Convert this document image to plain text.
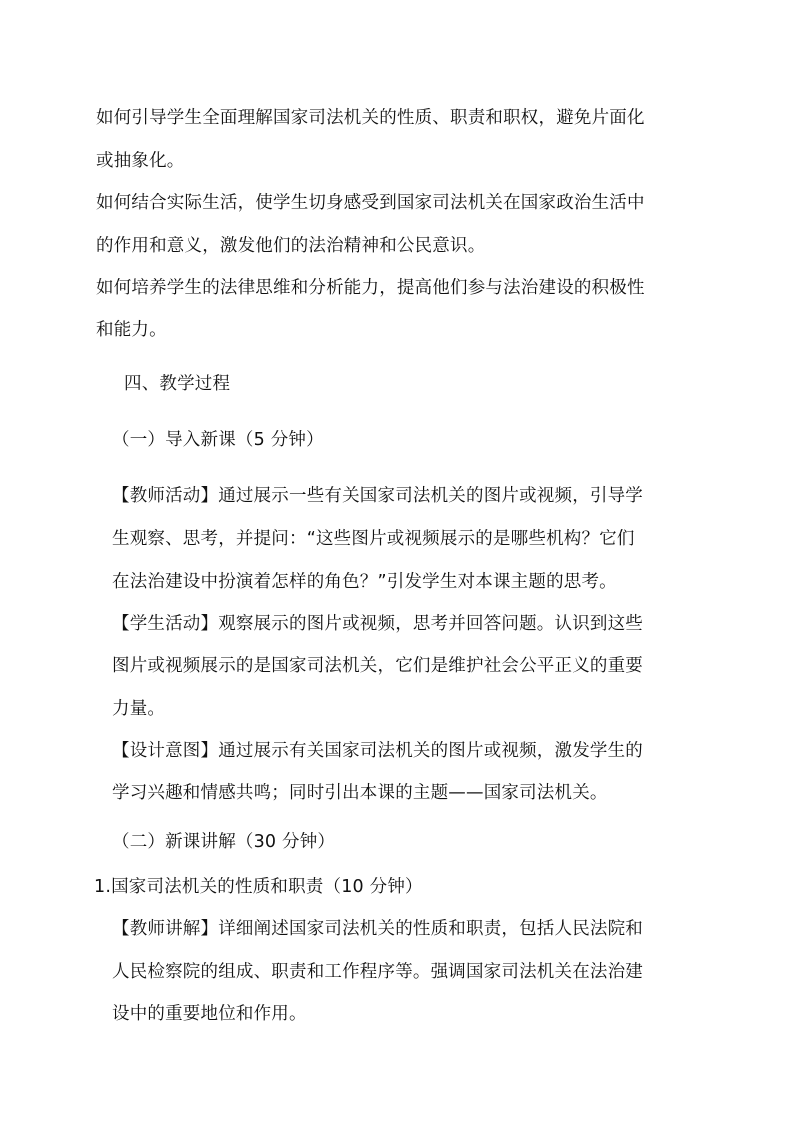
如何引导学生全面理解国家司法机关的性质、职责和职权，避免片面化
或抽象化。
如何结合实际生活，使学生切身感受到国家司法机关在国家政治生活中
的作用和意义，激发他们的法治精神和公民意识。
如何培养学生的法律思维和分析能力，提高他们参与法治建设的积极性
和能力。
四、教学过程
（一）导入新课（5 分钟）
【教师活动】通过展示一些有关国家司法机关的图片或视频，引导学
生观察、思考，并提问：“这些图片或视频展示的是哪些机构？它们
在法治建设中扮演着怎样的角色？”引发学生对本课主题的思考。
【学生活动】观察展示的图片或视频，思考并回答问题。认识到这些
图片或视频展示的是国家司法机关，它们是维护社会公平正义的重要
力量。
【设计意图】通过展示有关国家司法机关的图片或视频，激发学生的
学习兴趣和情感共鸣；同时引出本课的主题——国家司法机关。
（二）新课讲解（30 分钟）
1.国家司法机关的性质和职责（10 分钟）
【教师讲解】详细阐述国家司法机关的性质和职责，包括人民法院和
人民检察院的组成、职责和工作程序等。强调国家司法机关在法治建
设中的重要地位和作用。
